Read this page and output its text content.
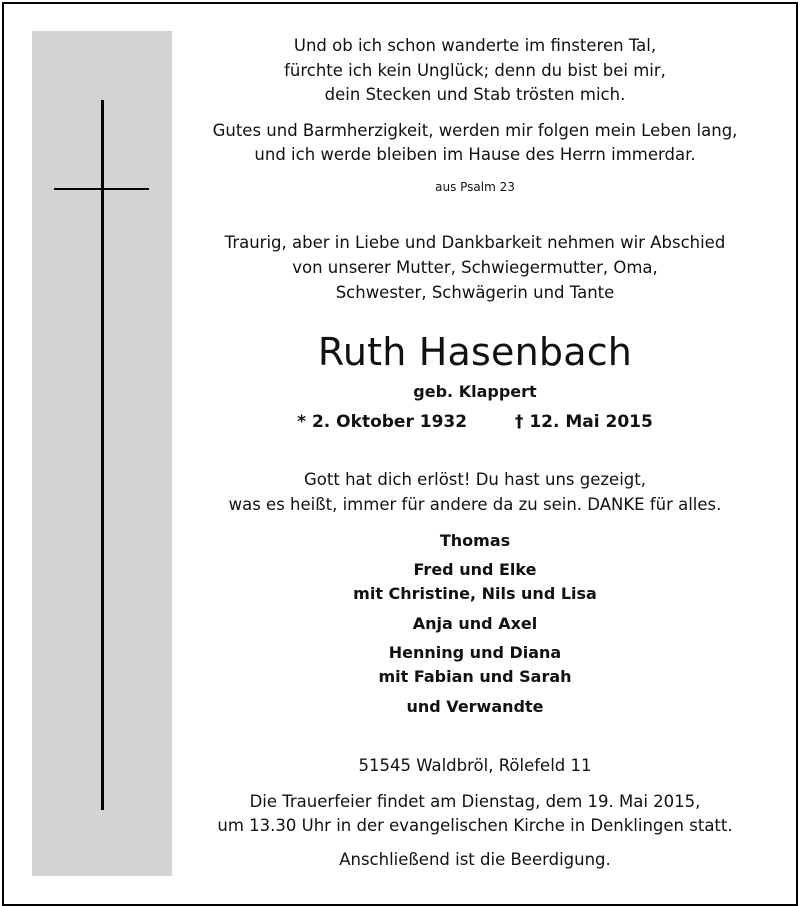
Und ob ich schon wanderte im finsteren Tal,
fürchte ich kein Unglück; denn du bist bei mir,
dein Stecken und Stab trösten mich.
Gutes und Barmherzigkeit, werden mir folgen mein Leben lang,
und ich werde bleiben im Hause des Herrn immerdar.
aus Psalm 23
Traurig, aber in Liebe und Dankbarkeit nehmen wir Abschied
von unserer Mutter, Schwiegermutter, Oma,
Schwester, Schwägerin und Tante
Ruth Hasenbach
geb. Klappert
* 2. Oktober 1932	† 12. Mai 2015
Gott hat dich erlöst! Du hast uns gezeigt,
was es heißt, immer für andere da zu sein. DANKE für alles.
Thomas
Fred und Elke
mit Christine, Nils und Lisa
Anja und Axel
Henning und Diana
mit Fabian und Sarah
und Verwandte
51545 Waldbröl, Rölefeld 11
Die Trauerfeier findet am Dienstag, dem 19. Mai 2015,
um 13.30 Uhr in der evangelischen Kirche in Denklingen statt.
Anschließend ist die Beerdigung.
